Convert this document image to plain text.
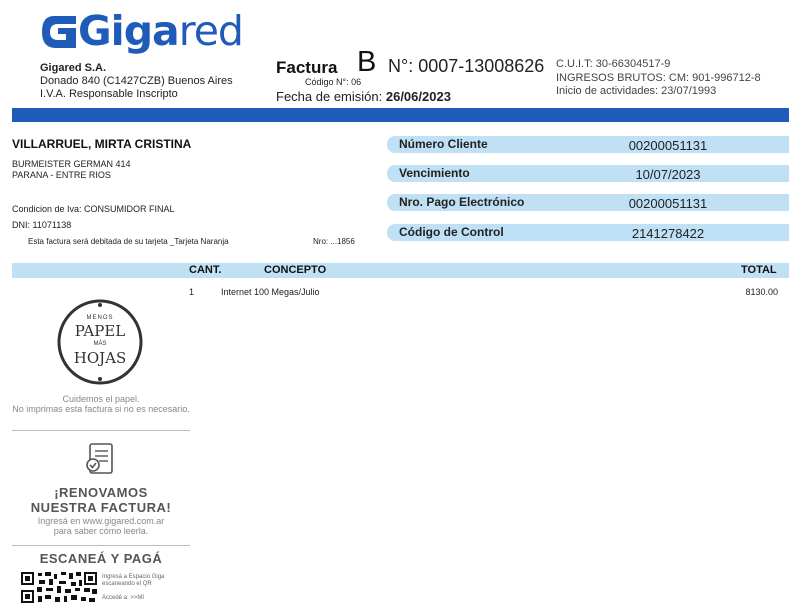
Gigared
Gigared S.A.
Donado 840 (C1427CZB) Buenos Aires
I.V.A. Responsable Inscripto
Factura B
Código N°: 06
N°: 0007-13008626
Fecha de emisión: 26/06/2023
C.U.I.T: 30-66304517-9
INGRESOS BRUTOS: CM: 901-996712-8
Inicio de actividades: 23/07/1993
VILLARRUEL, MIRTA CRISTINA
BURMEISTER GERMAN 414
PARANA - ENTRE RIOS
Condicion de Iva: CONSUMIDOR FINAL
DNI: 11071138
Esta factura será debitada de su tarjeta _Tarjeta Naranja	Nro: ...1856
Número Cliente	00200051131
Vencimiento	10/07/2023
Nro. Pago Electrónico	00200051131
Código de Control	2141278422
CANT.	CONCEPTO	TOTAL
1	Internet 100 Megas/Julio	8130.00
MENOS
PAPEL
MÁS
HOJAS
Cuidemos el papel.
No imprimas esta factura si no es necesario.
¡RENOVAMOS
NUESTRA FACTURA!
Ingresá en www.gigared.com.ar para saber cómo leerla.
ESCANEÁ Y PAGÁ
Ingresá a Espacio Giga
escaneando el QR
Accedé a: >>MI
